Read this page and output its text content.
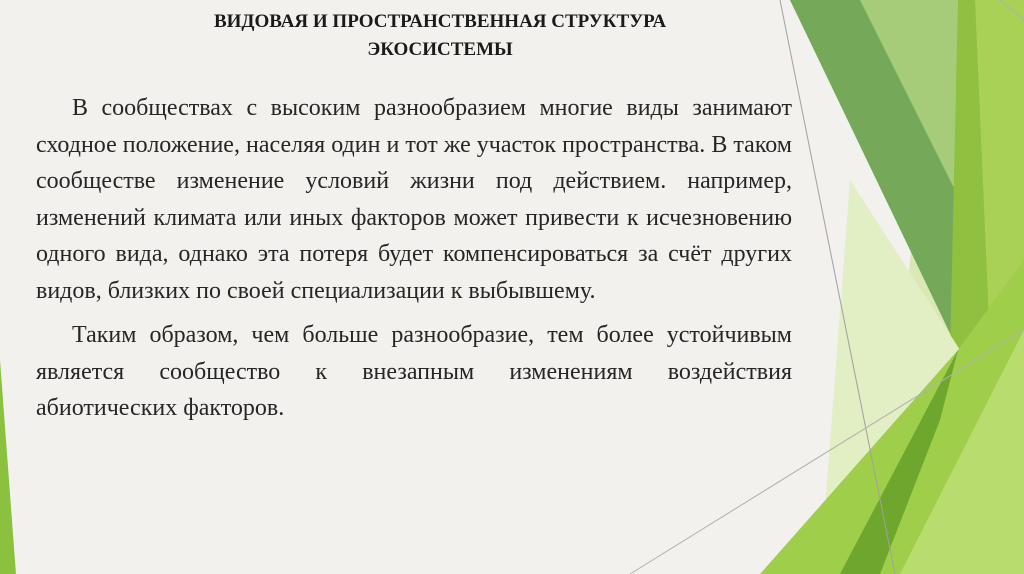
ВИДОВАЯ И ПРОСТРАНСТВЕННАЯ СТРУКТУРА
ЭКОСИСТЕМЫ

В сообществах с высоким разнообразием многие виды занимают сходное положение, населяя один и тот же участок пространства. В таком сообществе изменение условий жизни под действием. например, изменений климата или иных факторов может привести к исчезновению одного вида, однако эта потеря будет компенсироваться за счёт других видов, близких по своей специализации к выбывшему.

Таким образом, чем больше разнообразие, тем более устойчивым является сообщество к внезапным изменениям воздействия абиотических факторов.
